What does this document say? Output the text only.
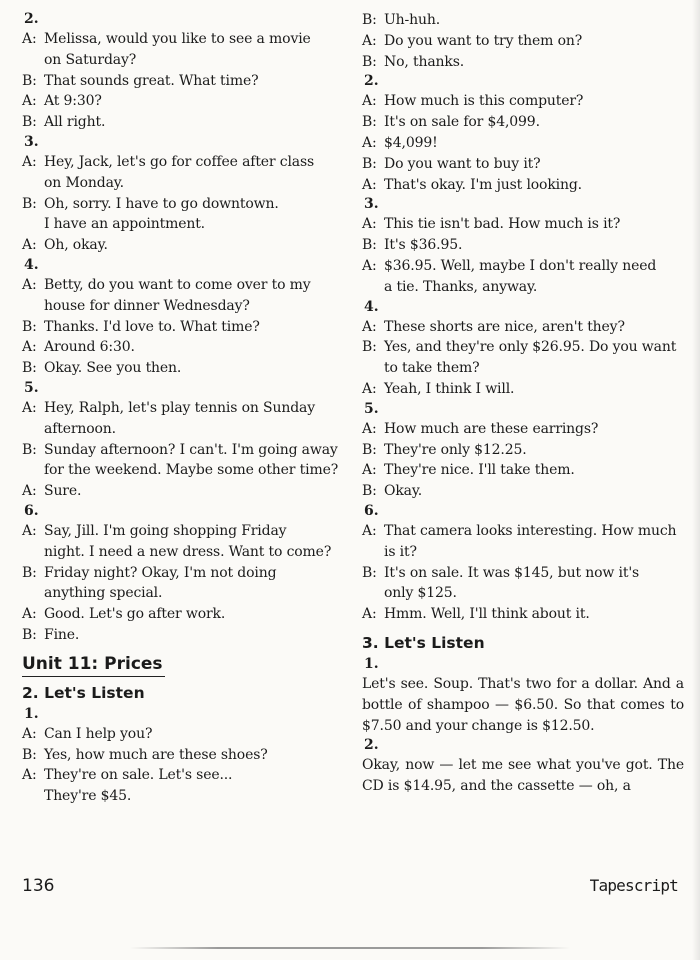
2.
A: Melissa, would you like to see a movie
on Saturday?
B: That sounds great. What time?
A: At 9:30?
B: All right.
3.
A: Hey, Jack, let's go for coffee after class
on Monday.
B: Oh, sorry. I have to go downtown.
I have an appointment.
A: Oh, okay.
4.
A: Betty, do you want to come over to my
house for dinner Wednesday?
B: Thanks. I'd love to. What time?
A: Around 6:30.
B: Okay. See you then.
5.
A: Hey, Ralph, let's play tennis on Sunday
afternoon.
B: Sunday afternoon? I can't. I'm going away
for the weekend. Maybe some other time?
A: Sure.
6.
A: Say, Jill. I'm going shopping Friday
night. I need a new dress. Want to come?
B: Friday night? Okay, I'm not doing
anything special.
A: Good. Let's go after work.
B: Fine.
Unit 11: Prices
2. Let's Listen
1.
A: Can I help you?
B: Yes, how much are these shoes?
A: They're on sale. Let's see...
They're $45.
B: Uh-huh.
A: Do you want to try them on?
B: No, thanks.
2.
A: How much is this computer?
B: It's on sale for $4,099.
A: $4,099!
B: Do you want to buy it?
A: That's okay. I'm just looking.
3.
A: This tie isn't bad. How much is it?
B: It's $36.95.
A: $36.95. Well, maybe I don't really need
a tie. Thanks, anyway.
4.
A: These shorts are nice, aren't they?
B: Yes, and they're only $26.95. Do you want
to take them?
A: Yeah, I think I will.
5.
A: How much are these earrings?
B: They're only $12.25.
A: They're nice. I'll take them.
B: Okay.
6.
A: That camera looks interesting. How much
is it?
B: It's on sale. It was $145, but now it's
only $125.
A: Hmm. Well, I'll think about it.
3. Let's Listen
1.
Let's see. Soup. That's two for a dollar. And a bottle of shampoo — $6.50. So that comes to $7.50 and your change is $12.50.
2.
Okay, now — let me see what you've got. The CD is $14.95, and the cassette — oh, a
136	Tapescript
